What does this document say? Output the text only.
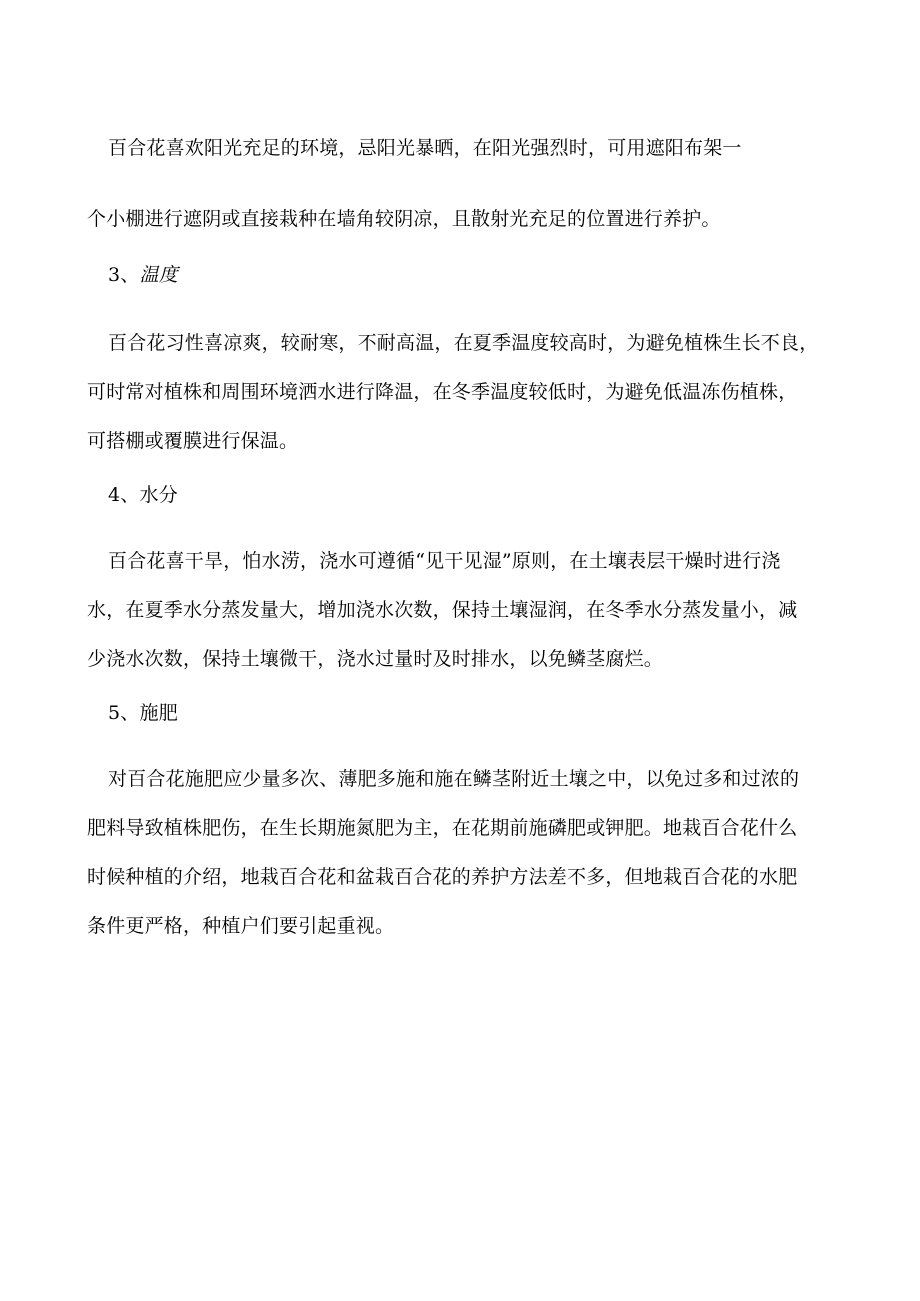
百合花喜欢阳光充足的环境，忌阳光暴晒，在阳光强烈时，可用遮阳布架一
个小棚进行遮阴或直接栽种在墙角较阴凉，且散射光充足的位置进行养护。
3、温度
百合花习性喜凉爽，较耐寒，不耐高温，在夏季温度较高时，为避免植株生长不良，
可时常对植株和周围环境洒水进行降温，在冬季温度较低时，为避免低温冻伤植株，
可搭棚或覆膜进行保温。
4、水分
百合花喜干旱，怕水涝，浇水可遵循“见干见湿”原则，在土壤表层干燥时进行浇
水，在夏季水分蒸发量大，增加浇水次数，保持土壤湿润，在冬季水分蒸发量小，减
少浇水次数，保持土壤微干，浇水过量时及时排水，以免鳞茎腐烂。
5、施肥
对百合花施肥应少量多次、薄肥多施和施在鳞茎附近土壤之中，以免过多和过浓的
肥料导致植株肥伤，在生长期施氮肥为主，在花期前施磷肥或钾肥。地栽百合花什么
时候种植的介绍，地栽百合花和盆栽百合花的养护方法差不多，但地栽百合花的水肥
条件更严格，种植户们要引起重视。
